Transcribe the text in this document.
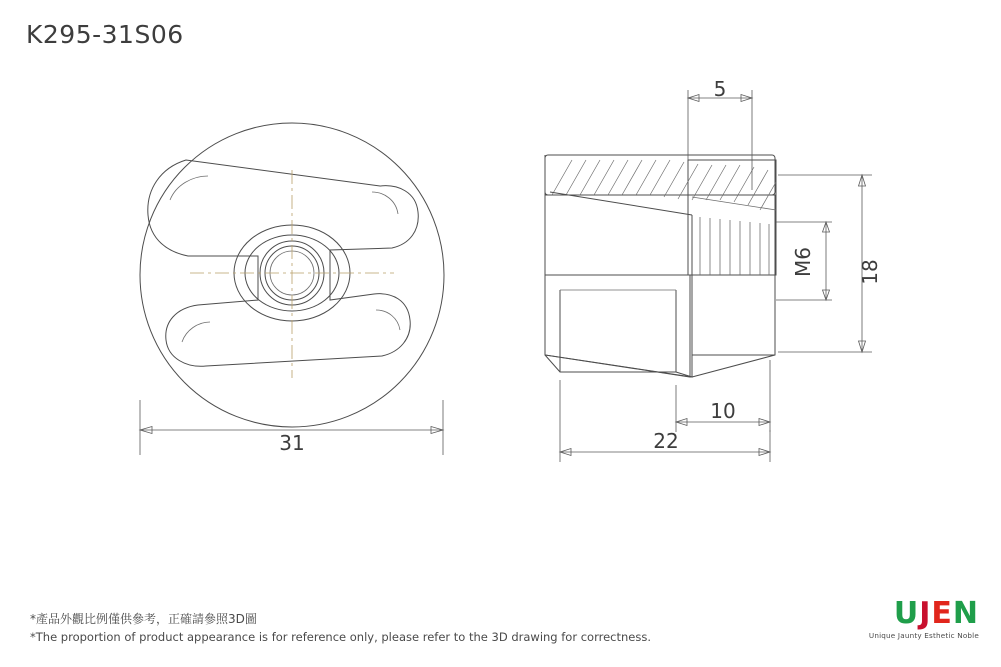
K295-31S06
31
5
18
M6
10
22
*產品外觀比例僅供參考，正確請參照3D圖
*The proportion of product appearance is for reference only, please refer to the 3D drawing for correctness.
UJEN
Unique Jaunty Esthetic Noble
